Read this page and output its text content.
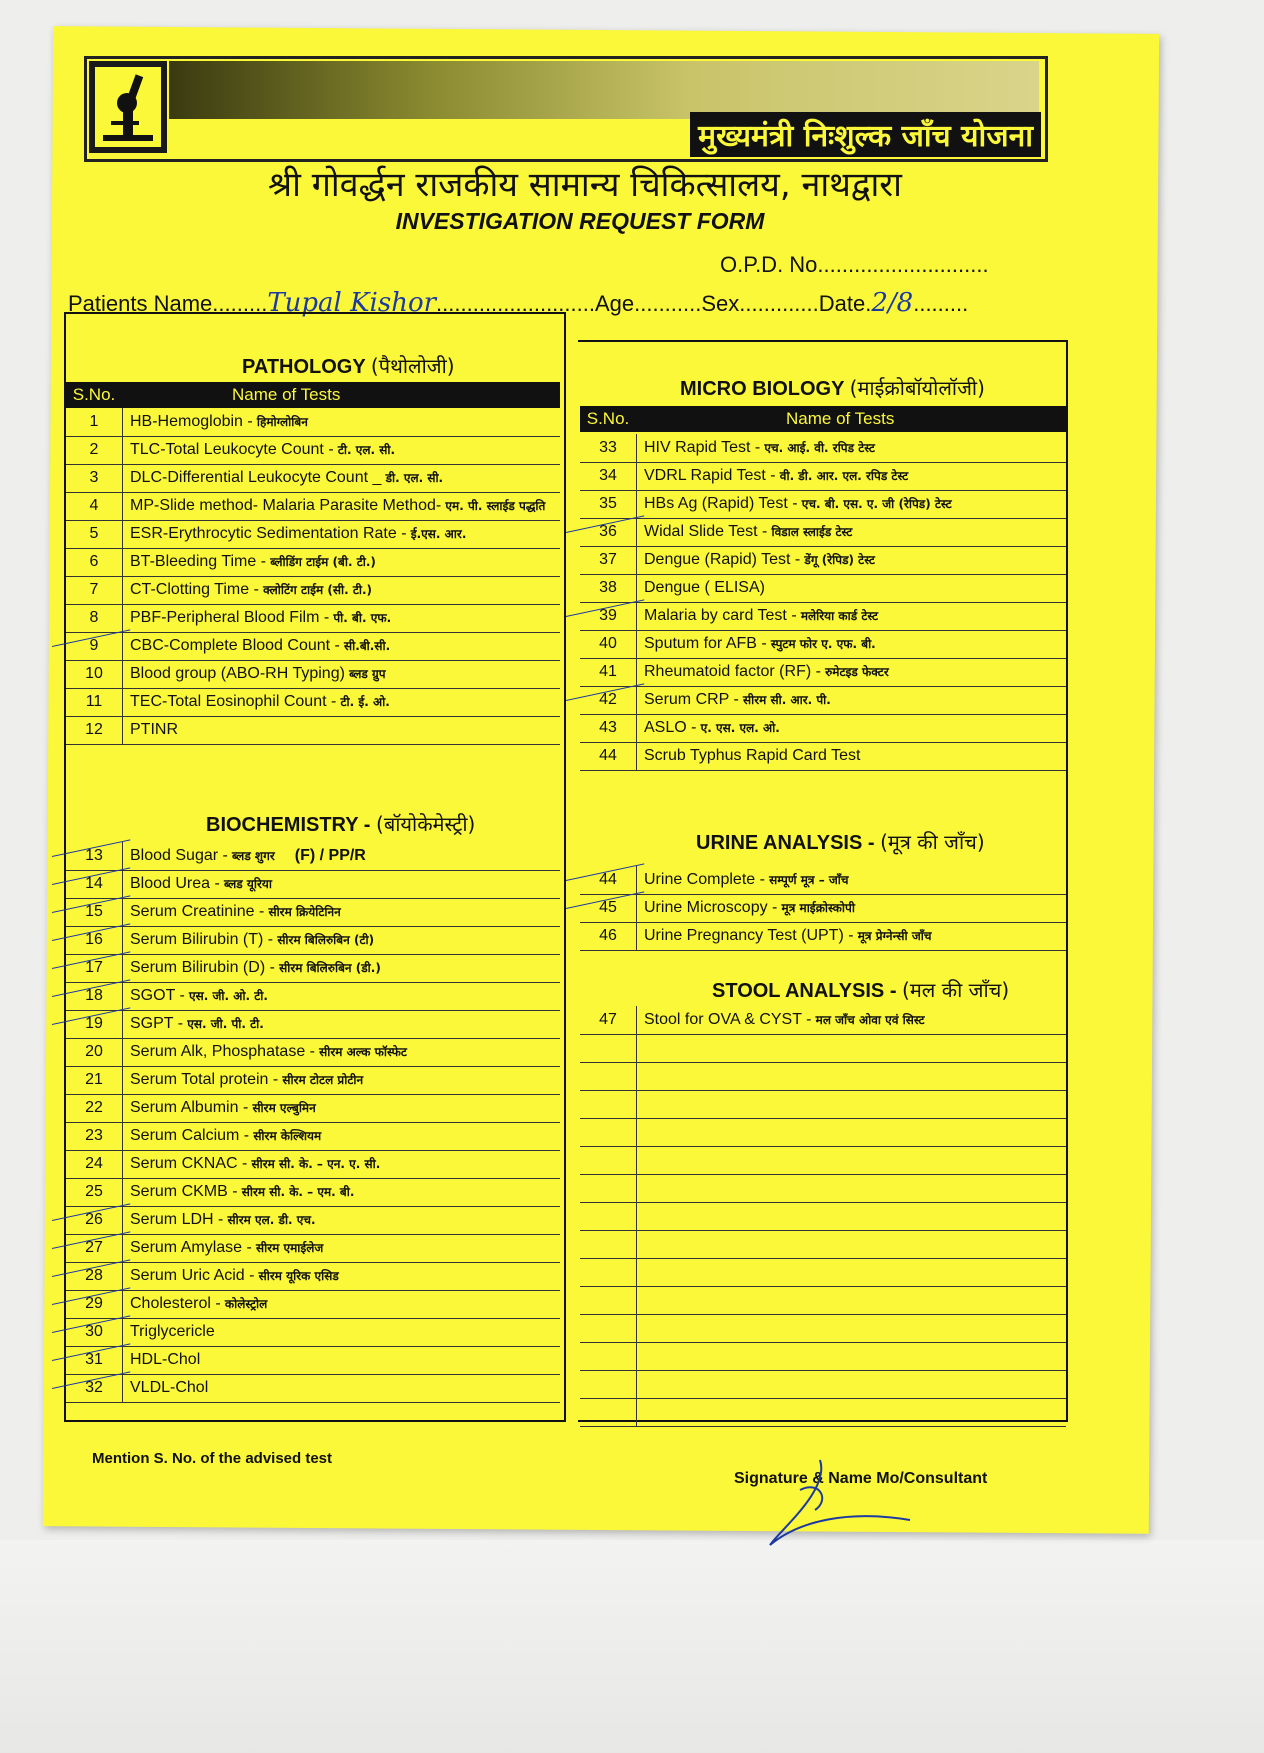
मुख्यमंत्री निःशुल्क जाँच योजना
श्री गोवर्द्धन राजकीय सामान्य चिकित्सालय, नाथद्वारा
INVESTIGATION REQUEST FORM
O.P.D. No............................
Patients Name.........Tupal Kishor..........................Age...........Sex.............Date.2/8.........
PATHOLOGY (पैथोलोजी)
S.No.	Name of Tests
1	HB-Hemoglobin - हिमोग्लोबिन
2	TLC-Total Leukocyte Count - टी. एल. सी.
3	DLC-Differential Leukocyte Count _ डी. एल. सी.
4	MP-Slide method- Malaria Parasite Method- एम. पी. स्लाईड पद्धति
5	ESR-Erythrocytic Sedimentation Rate - ई.एस. आर.
6	BT-Bleeding Time - ब्लीडिंग टाईम (बी. टी.)
7	CT-Clotting Time - क्लोटिंग टाईम (सी. टी.)
8	PBF-Peripheral Blood Film - पी. बी. एफ.
9	CBC-Complete Blood Count - सी.बी.सी.
10	Blood group (ABO-RH Typing) ब्लड ग्रुप
11	TEC-Total Eosinophil Count - टी. ई. ओ.
12	PTINR
MICRO BIOLOGY (माईक्रोबॉयोलॉजी)
S.No.	Name of Tests
33	HIV Rapid Test - एच. आई. वी. रपिड टेस्ट
34	VDRL Rapid Test - वी. डी. आर. एल. रपिड टेस्ट
35	HBs Ag (Rapid) Test - एच. बी. एस. ए. जी (रेपिड) टेस्ट
36	Widal Slide Test - विडाल स्लाईड टेस्ट
37	Dengue (Rapid) Test - डेंगू (रेपिड) टेस्ट
38	Dengue ( ELISA)
39	Malaria by card Test - मलेरिया कार्ड टेस्ट
40	Sputum for AFB - स्पुटम फोर ए. एफ. बी.
41	Rheumatoid factor (RF) - रुमेटइड फेक्टर
42	Serum CRP - सीरम सी. आर. पी.
43	ASLO - ए. एस. एल. ओ.
44	Scrub Typhus Rapid Card Test
BIOCHEMISTRY - (बॉयोकेमेस्ट्री)
13	Blood Sugar - ब्लड शुगर (F) / PP/R
14	Blood Urea - ब्लड यूरिया
15	Serum Creatinine - सीरम क्रियेटिनिन
16	Serum Bilirubin (T) - सीरम बिलिरुबिन (टी)
17	Serum Bilirubin (D) - सीरम बिलिरुबिन (डी.)
18	SGOT - एस. जी. ओ. टी.
19	SGPT - एस. जी. पी. टी.
20	Serum Alk, Phosphatase - सीरम अल्क फॉस्फेट
21	Serum Total protein - सीरम टोटल प्रोटीन
22	Serum Albumin - सीरम एल्बुमिन
23	Serum Calcium - सीरम केल्शियम
24	Serum CKNAC - सीरम सी. के. – एन. ए. सी.
25	Serum CKMB - सीरम सी. के. – एम. बी.
26	Serum LDH - सीरम एल. डी. एच.
27	Serum Amylase - सीरम एमाईलेज
28	Serum Uric Acid - सीरम यूरिक एसिड
29	Cholesterol - कोलेस्ट्रोल
30	Triglycericle
31	HDL-Chol
32	VLDL-Chol
URINE ANALYSIS - (मूत्र की जाँच)
44	Urine Complete - सम्पूर्ण मूत्र – जाँच
45	Urine Microscopy - मूत्र माईक्रोस्कोपी
46	Urine Pregnancy Test (UPT) - मूत्र प्रेग्नेन्सी जाँच
STOOL ANALYSIS - (मल की जाँच)
47	Stool for OVA & CYST - मल जाँच ओवा एवं सिस्ट
Mention S. No. of the advised test
Signature & Name Mo/Consultant
